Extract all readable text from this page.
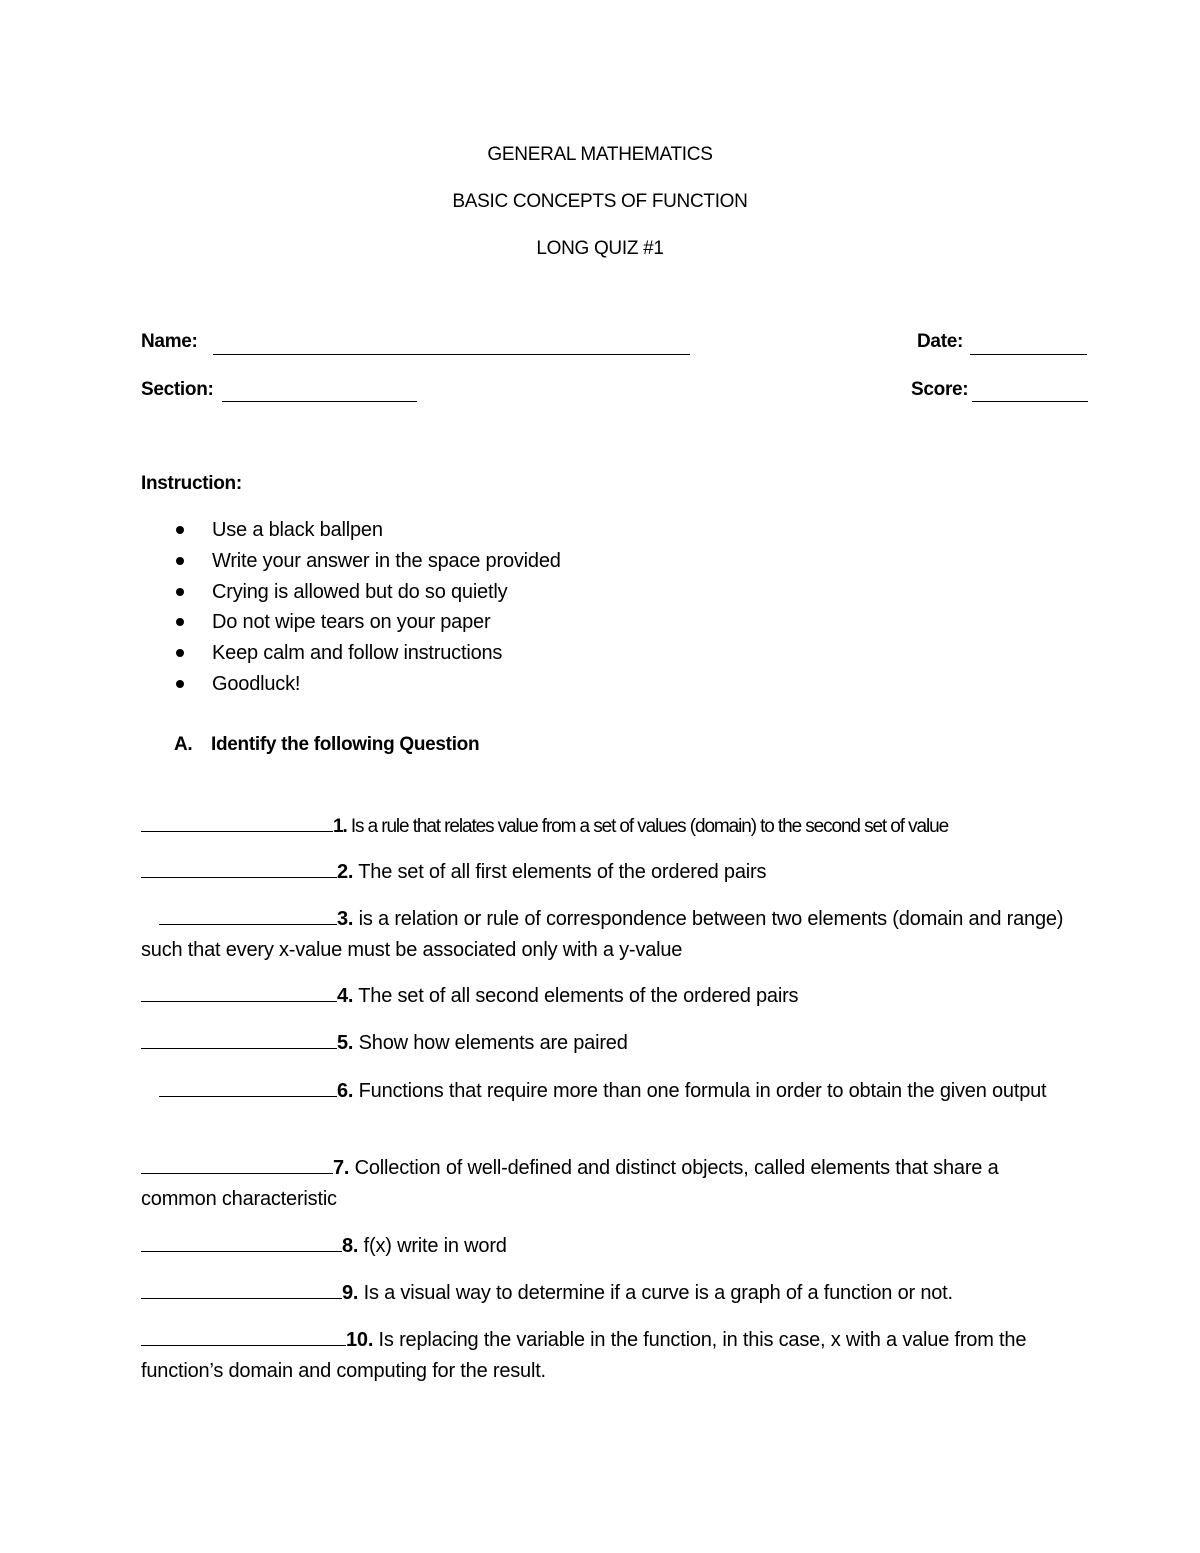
GENERAL MATHEMATICS
BASIC CONCEPTS OF FUNCTION
LONG QUIZ #1
Name:	Date:
Section:	Score:
Instruction:
Use a black ballpen
Write your answer in the space provided
Crying is allowed but do so quietly
Do not wipe tears on your paper
Keep calm and follow instructions
Goodluck!
A. Identify the following Question
1. Is a rule that relates value from a set of values (domain) to the second set of value
2. The set of all first elements of the ordered pairs
3. is a relation or rule of correspondence between two elements (domain and range) such that every x-value must be associated only with a y-value
4. The set of all second elements of the ordered pairs
5. Show how elements are paired
6. Functions that require more than one formula in order to obtain the given output
7. Collection of well-defined and distinct objects, called elements that share a common characteristic
8. f(x) write in word
9. Is a visual way to determine if a curve is a graph of a function or not.
10. Is replacing the variable in the function, in this case, x with a value from the function’s domain and computing for the result.
